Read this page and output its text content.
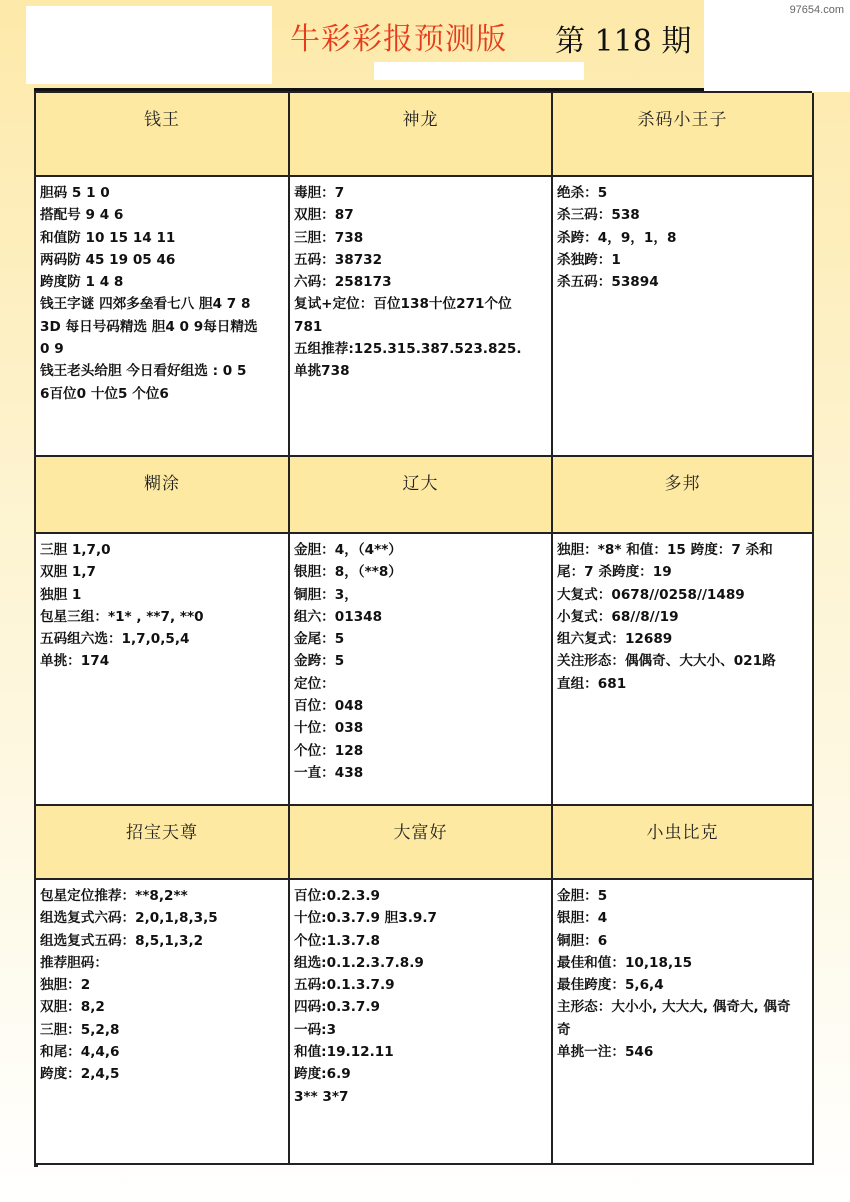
牛彩彩报预测版 第 118 期
97654.com
钱王	神龙	杀码小王子
胆码 5 1 0
搭配号 9 4 6
和值防 10 15 14 11
两码防 45 19 05 46
跨度防 1 4 8
钱王字谜 四郊多垒看七八 胆4 7 8
3D 每日号码精选 胆4 0 9每日精选
0 9
钱王老头给胆 今日看好组选 : 0 5
6百位0 十位5 个位6
毒胆：7
双胆：87
三胆：738
五码：38732
六码：258173
复试+定位：百位138十位271个位
781
五组推荐:125.315.387.523.825.
单挑738
绝杀：5
杀三码：538
杀跨：4，9，1，8
杀独跨：1
杀五码：53894
糊涂	辽大	多邦
三胆 1,7,0
双胆 1,7
独胆 1
包星三组：*1* , **7, **0
五码组六选：1,7,0,5,4
单挑：174
金胆：4，（4**）
银胆：8，（**8）
铜胆：3，
组六：01348
金尾：5
金跨：5
定位：
百位：048
十位：038
个位：128
一直：438
独胆：*8* 和值：15 跨度：7 杀和
尾：7 杀跨度：19
大复式：0678//0258//1489
小复式：68//8//19
组六复式：12689
关注形态：偶偶奇、大大小、021路
直组：681
招宝天尊	大富好	小虫比克
包星定位推荐：**8,2**
组选复式六码：2,0,1,8,3,5
组选复式五码：8,5,1,3,2
推荐胆码：
独胆：2
双胆：8,2
三胆：5,2,8
和尾：4,4,6
跨度：2,4,5
百位:0.2.3.9
十位:0.3.7.9 胆3.9.7
个位:1.3.7.8
组选:0.1.2.3.7.8.9
五码:0.1.3.7.9
四码:0.3.7.9
一码:3
和值:19.12.11
跨度:6.9
3** 3*7
金胆：5
银胆：4
铜胆：6
最佳和值：10,18,15
最佳跨度：5,6,4
主形态：大小小, 大大大, 偶奇大, 偶奇
奇
单挑一注：546
